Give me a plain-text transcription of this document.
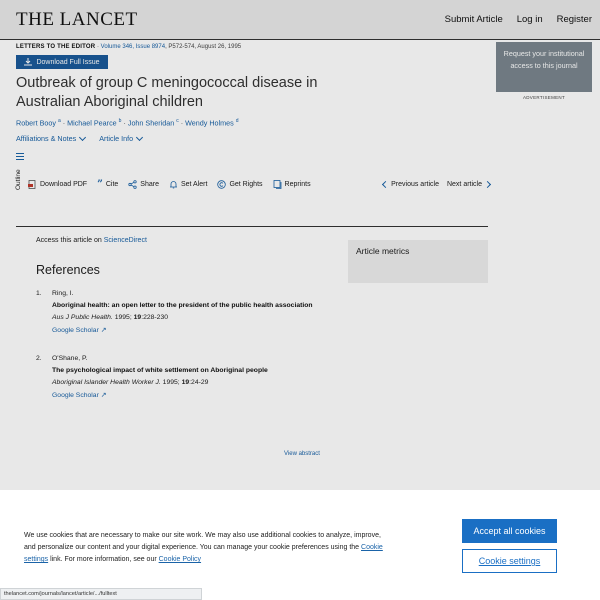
THE LANCET	Submit Article Log in Register
LETTERS TO THE EDITOR · Volume 346, Issue 8974, P572-574, August 26, 1995
Download Full Issue
Outbreak of group C meningococcal disease in Australian Aboriginal children
Robert Booy $^a$ · Michael Pearce $^b$ · John Sheridan $^c$ · Wendy Holmes $^d$
Affiliations & Notes	Article Info
Outline	Download PDF ” Cite	Share	Set Alert	Get Rights	Reprints	Previous article Next article
Access this article on ScienceDirect
References
1. Ring, I.
Aboriginal health: an open letter to the president of the public health association
Aus J Public Health. 1995; 19:228-230
Google Scholar ↗
2. O'Shane, P.
The psychological impact of white settlement on Aboriginal people
Aboriginal Islander Health Worker J. 1995; 19:24-29
Google Scholar ↗
View abstract
Request your institutional access to this journal
ADVERTISEMENT
Article metrics
We use cookies that are necessary to make our site work. We may also use additional cookies to analyze, improve, and personalize our content and your digital experience. You can manage your cookie preferences using the Cookie settings link. For more information, see our Cookie Policy
Accept all cookies
Cookie settings
thelancet.com/journals/lancet/article/.../fulltext
